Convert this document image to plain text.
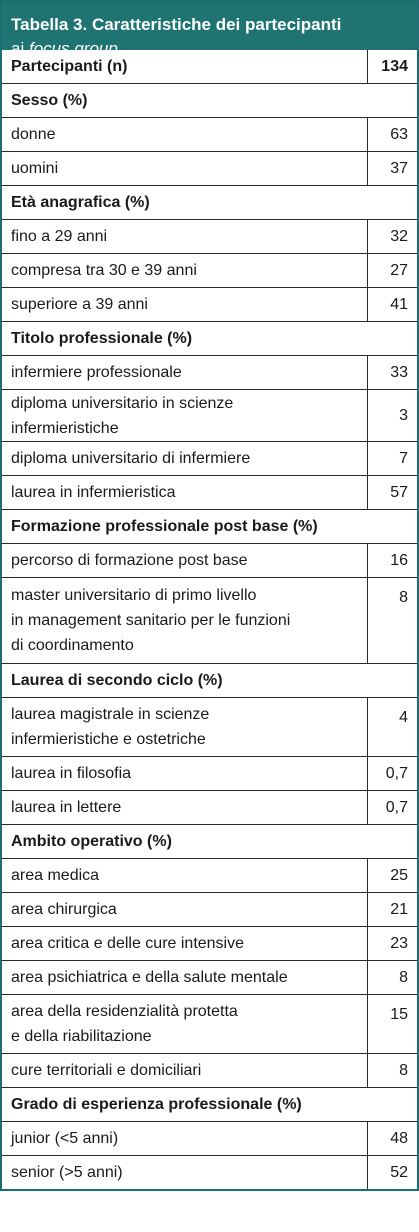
Tabella 3. Caratteristiche dei partecipanti
ai focus group
Partecipanti (n)	134
Sesso (%)	

donne	63

uomini	37
Età anagrafica (%)	

fino a 29 anni	32

compresa tra 30 e 39 anni	27

superiore a 39 anni	41
Titolo professionale (%)	

infermiere professionale	33

diploma universitario in scienze
infermieristiche	3

diploma universitario di infermiere	7

laurea in infermieristica	57
Formazione professionale post base (%)	

percorso di formazione post base	16

master universitario di primo livello
in management sanitario per le funzioni
di coordinamento	8
Laurea di secondo ciclo (%)	

laurea magistrale in scienze
infermieristiche e ostetriche	4

laurea in filosofia	0,7

laurea in lettere	0,7
Ambito operativo (%)	

area medica	25

area chirurgica	21

area critica e delle cure intensive	23

area psichiatrica e della salute mentale	8

area della residenzialità protetta
e della riabilitazione	15

cure territoriali e domiciliari	8
Grado di esperienza professionale (%)	

junior (<5 anni)	48

senior (>5 anni)	52
